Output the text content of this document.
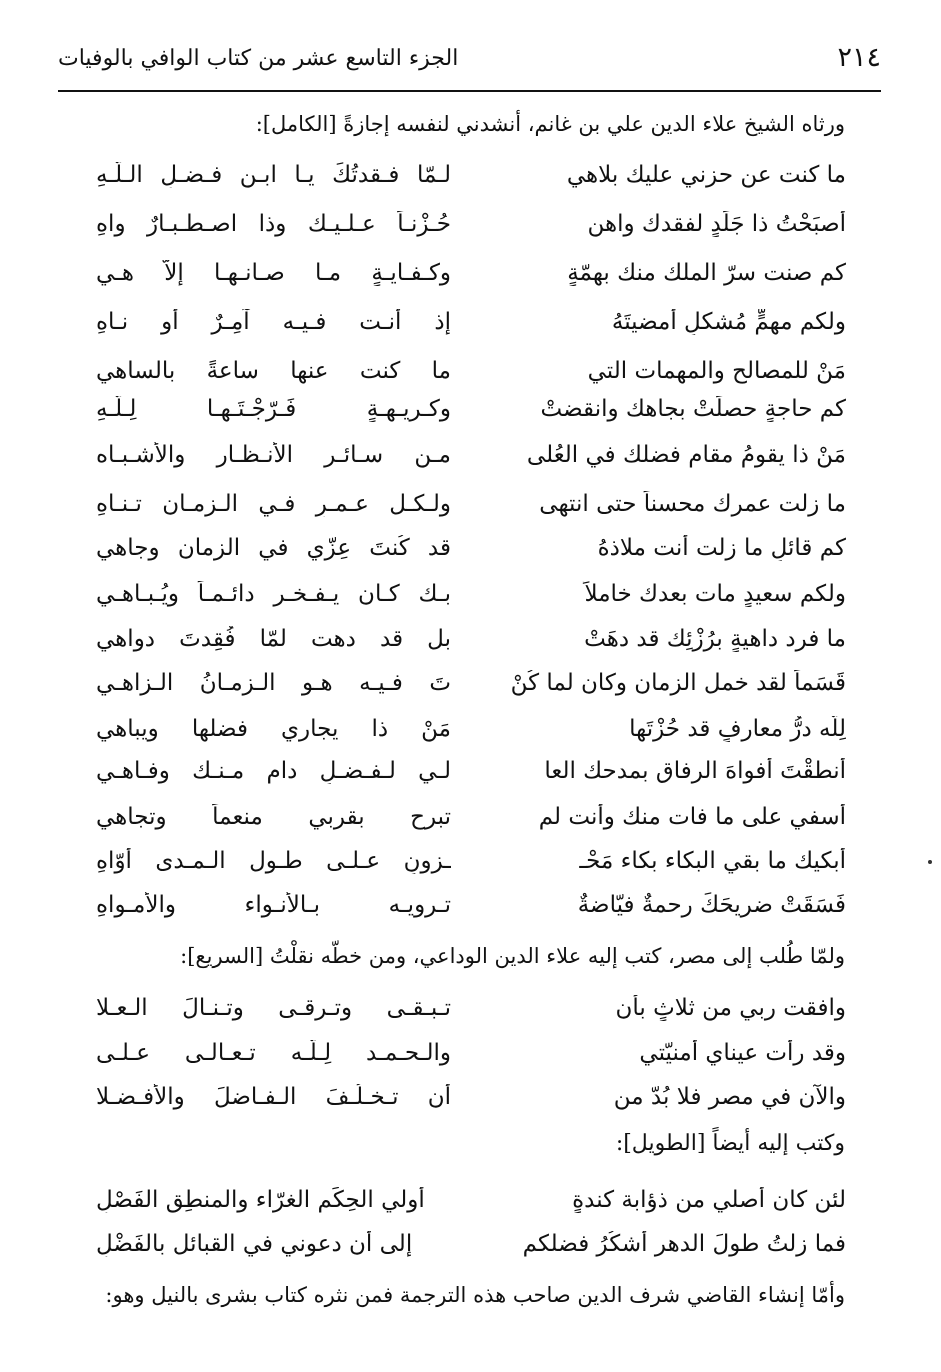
٢١٤
الجزء التاسع عشر من كتاب الوافي بالوفيات
ورثاه الشيخ علاء الدين علي بن غانم، أنشدني لنفسه إجازةً [الكامل]:
ما كنت عن حزني عليك بلاهي
لـمّا فـقدتُكَ يـا ابـن فـضـلِ الـلّـهِ
أصبَحْتُ ذا جَلَدٍ لفقدك واهنٍ
حُـزْنـاً عـلـيـك وذا اصـطـبـارٌ واهِ
كم صنت سرّ الملك منك بهمّةٍ
وكـفـايـةٍ مـا صـانـهـا إلاّ هـي
ولكم مهمٍّ مُشكلٍ أمضيتَهُ
إذ أنـت فـيـه آمِـرٌ أو نـاهِ
مَنْ للمصالح والمهمات التي
ما كنت عنها ساعةً بالساهي
كم حاجةٍ حصلَتْ بجاهك وانقضتْ
وكـريـهـةٍ فَـرّجْـتَـهـا لِـلّـهِ
مَنْ ذا يقومُ مقام فضلك في العُلى
مـن سـائـرِ الأنـظـار والأشـبـاه
ما زلت عمرك محسناً حتى انتهى
ولـكـل عـمـرٍ فـي الـزمـان تـنـاهِ
كم قائلٍ ما زلت أنت ملاذهُ
قد كُنتَ عِزّي في الزمان وجاهي
ولكم سعيدٍ مات بعدك خاملاً
بـك كـان يـفـخـر دائـمـاً ويُـبـاهـي
ما فرد داهيةٍ برُزْئِك قد دهَتْ
بل قد دهت لمّا فُقِدتَ دواهي
قَسَماً لقد خمل الزمان وكان لما كُنْ
تَ فـيـه هـو الـزمـانُ الـزاهـي
لِلّه درُّ معارفٍ قد حُزْتَها
مَنْ ذا يجاري فضلها ويباهي
أنطقْتَ أفواهَ الرفاق بمدحك العا
لـي لـفـضـلٍ دام مـنـك وفـاهـي
أسفي على ما فات منك وأنت لم
تبرح بقربي منعماً وتجاهي
أبكيك ما بقي البكاء بكاء مَحْـ
ـزونٍ عـلـى طـول الـمـدى أوّاهِ
فَسَقَتْ ضريحَكَ رحمةٌ فيّاضةٌ
تـرويـه بـالأنـواء والأمـواهِ
ولمّا طُلب إلى مصر، كتب إليه علاء الدين الوداعي، ومن خطّه نقلْتُ [السريع]:
وافقت ربي من ثلاثٍ بأن
تـبـقـى وتـرقـى وتـنـالَ الـعـلا
وقد رأت عيناي أمنيّتي
والـحـمـد لِـلّـه تـعـالـى عـلـى
والآن في مصر فلا بُدّ من
أن تـخـلُـفَ الـفـاضلَ والأفـضـلا
وكتب إليه أيضاً [الطويل]:
لئن كان أصلي من ذؤابة كندةٍ
أولي الحِكَم الغرّاء والمنطِقِ الفَصْلِ
فما زلتُ طولَ الدهر أشكُرُ فضلكم
إلى أن دعوني في القبائل بالفَضْلِ
وأمّا إنشاء القاضي شرف الدين صاحب هذه الترجمة فمن نثره كتاب بشرى بالنيل وهو:
